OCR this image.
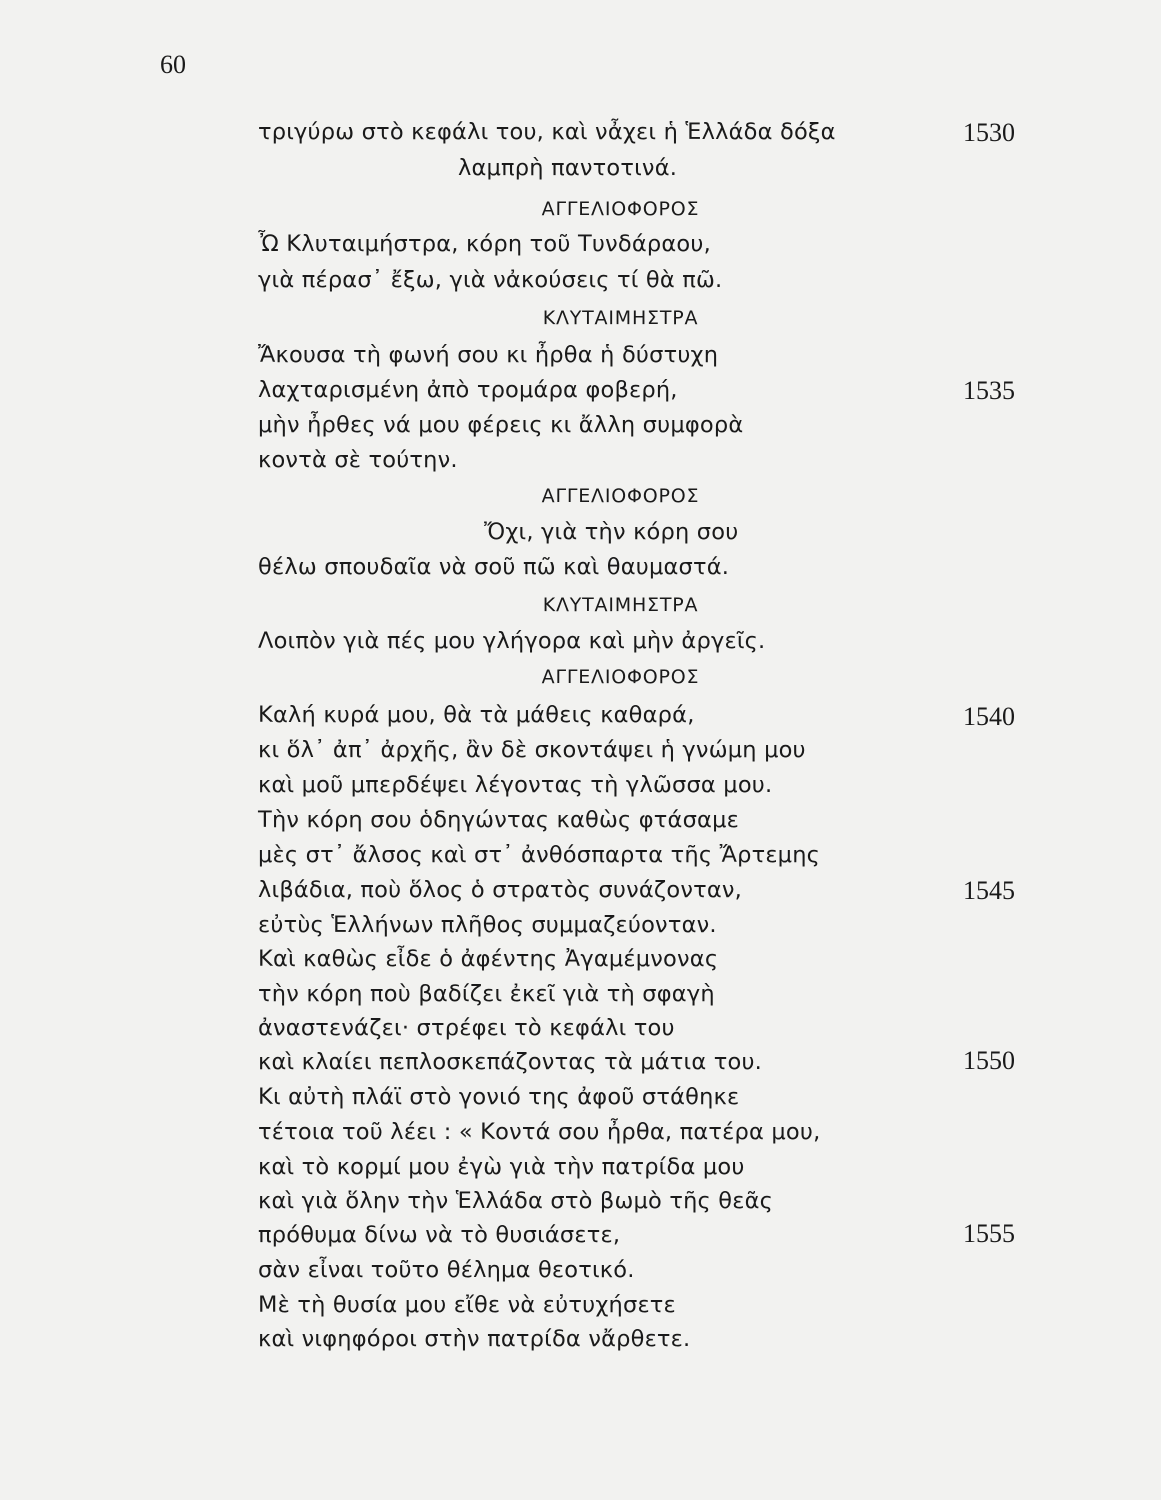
60
τριγύρω στὸ κεφάλι του, καὶ νἆχει ἡ Ἑλλάδα δόξα	1530
λαμπρὴ παντοτινά.
ΑΓΓΕΛΙΟΦΟΡΟΣ
Ὦ Κλυταιμήστρα, κόρη τοῦ Τυνδάραου,
γιὰ πέρασ᾽ ἔξω, γιὰ νἀκούσεις τί θὰ πῶ.
ΚΛΥΤΑΙΜΗΣΤΡΑ
Ἄκουσα τὴ φωνή σου κι ἦρθα ἡ δύστυχη
λαχταρισμένη ἀπὸ τρομάρα φοβερή,	1535
μὴν ἦρθες νά μου φέρεις κι ἄλλη συμφορὰ
κοντὰ σὲ τούτην.
ΑΓΓΕΛΙΟΦΟΡΟΣ
Ὄχι, γιὰ τὴν κόρη σου
θέλω σπουδαῖα νὰ σοῦ πῶ καὶ θαυμαστά.
ΚΛΥΤΑΙΜΗΣΤΡΑ
Λοιπὸν γιὰ πές μου γλήγορα καὶ μὴν ἀργεῖς.
ΑΓΓΕΛΙΟΦΟΡΟΣ
Καλή κυρά μου, θὰ τὰ μάθεις καθαρά,	1540
κι ὅλ᾽ ἀπ᾽ ἀρχῆς, ἂν δὲ σκοντάψει ἡ γνώμη μου
καὶ μοῦ μπερδέψει λέγοντας τὴ γλῶσσα μου.
Τὴν κόρη σου ὁδηγώντας καθὼς φτάσαμε
μὲς στ᾽ ἄλσος καὶ στ᾽ ἀνθόσπαρτα τῆς Ἄρτεμης
λιβάδια, ποὺ ὅλος ὁ στρατὸς συνάζονταν,	1545
εὐτὺς Ἑλλήνων πλῆθος συμμαζεύονταν.
Καὶ καθὼς εἶδε ὁ ἀφέντης Ἀγαμέμνονας
τὴν κόρη ποὺ βαδίζει ἐκεῖ γιὰ τὴ σφαγὴ
ἀναστενάζει· στρέφει τὸ κεφάλι του
καὶ κλαίει πεπλοσκεπάζοντας τὰ μάτια του.	1550
Κι αὐτὴ πλάϊ στὸ γονιό της ἀφοῦ στάθηκε
τέτοια τοῦ λέει : « Κοντά σου ἦρθα, πατέρα μου,
καὶ τὸ κορμί μου ἐγὼ γιὰ τὴν πατρίδα μου
καὶ γιὰ ὅλην τὴν Ἑλλάδα στὸ βωμὸ τῆς θεᾶς
πρόθυμα δίνω νὰ τὸ θυσιάσετε,	1555
σὰν εἶναι τοῦτο θέλημα θεοτικό.
Μὲ τὴ θυσία μου εἴθε νὰ εὐτυχήσετε
καὶ νιφηφόροι στὴν πατρίδα νἄρθετε.
